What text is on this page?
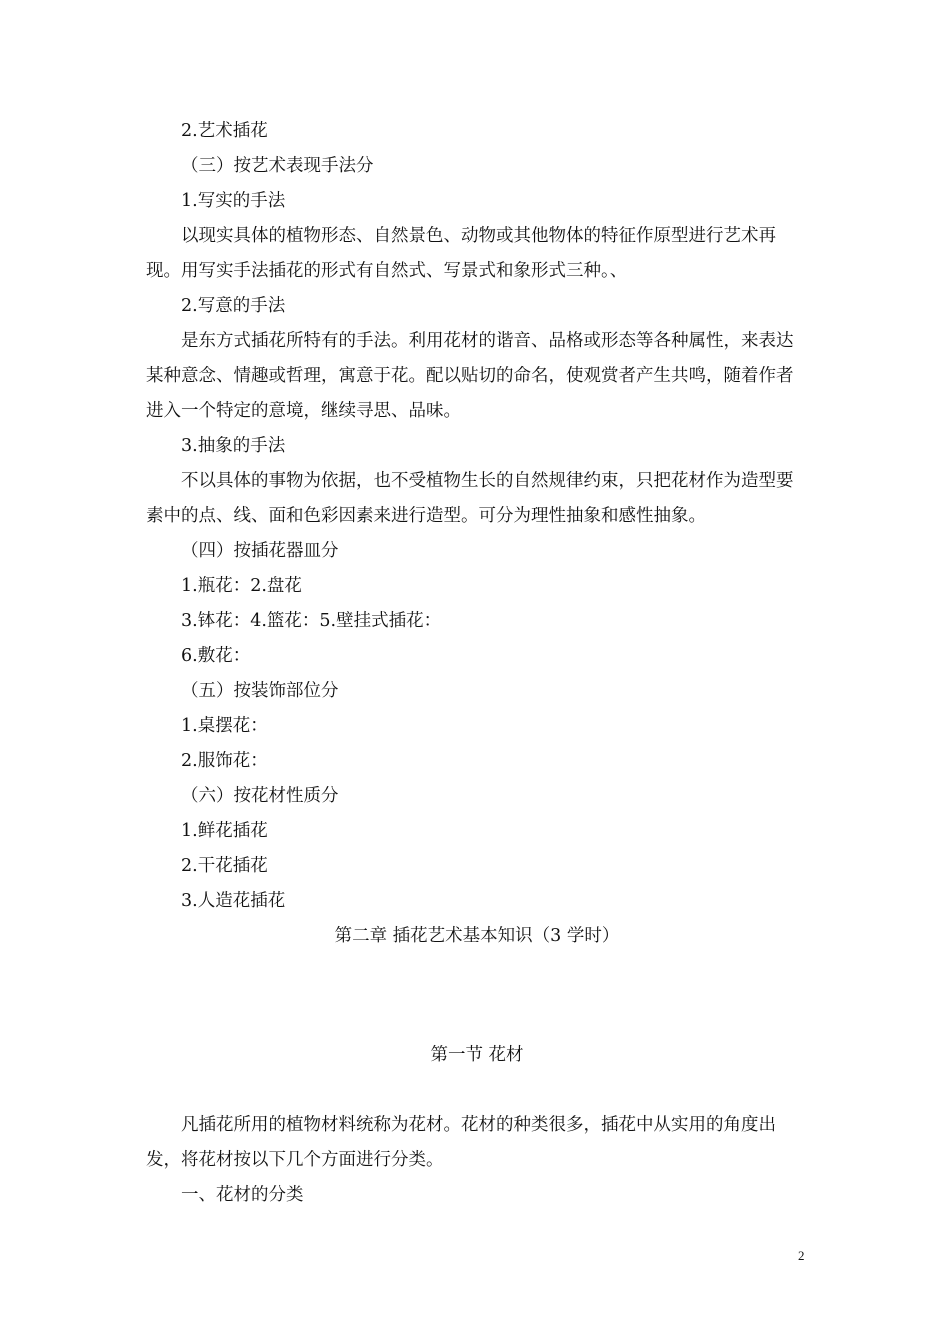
2.艺术插花

（三）按艺术表现手法分

1.写实的手法

以现实具体的植物形态、自然景色、动物或其他物体的特征作原型进行艺术再现。用写实手法插花的形式有自然式、写景式和象形式三种。、

2.写意的手法

是东方式插花所特有的手法。利用花材的谐音、品格或形态等各种属性，来表达某种意念、情趣或哲理，寓意于花。配以贴切的命名，使观赏者产生共鸣，随着作者进入一个特定的意境，继续寻思、品味。

3.抽象的手法

不以具体的事物为依据，也不受植物生长的自然规律约束，只把花材作为造型要素中的点、线、面和色彩因素来进行造型。可分为理性抽象和感性抽象。

（四）按插花器皿分

1.瓶花：2.盘花

3.钵花：4.篮花：5.壁挂式插花：

6.敷花：

（五）按装饰部位分

1.桌摆花：

2.服饰花：

（六）按花材性质分

1.鲜花插花

2.干花插花

3.人造花插花

第二章 插花艺术基本知识（3 学时）

第一节 花材

凡插花所用的植物材料统称为花材。花材的种类很多，插花中从实用的角度出发，将花材按以下几个方面进行分类。

一、花材的分类

2
